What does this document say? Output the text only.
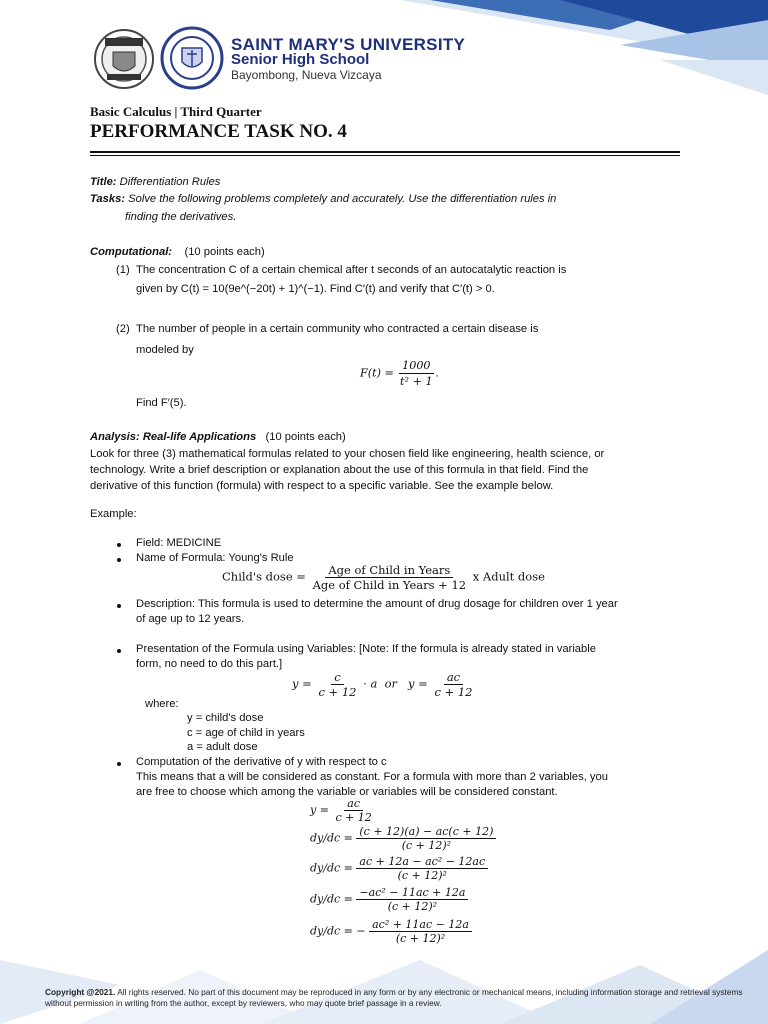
SAINT MARY'S UNIVERSITY
Senior High School
Bayombong, Nueva Vizcaya
Basic Calculus | Third Quarter
PERFORMANCE TASK NO. 4
Title: Differentiation Rules
Tasks: Solve the following problems completely and accurately. Use the differentiation rules in
finding the derivatives.
Computational: (10 points each)
(1) The concentration C of a certain chemical after t seconds of an autocatalytic reaction is
given by C(t) = 10(9e^(−20t) + 1)^(−1). Find C′(t) and verify that C′(t) > 0.
(2) The number of people in a certain community who contracted a certain disease is
modeled by
$F(t) = \frac{1000}{\text{t² + 1}}$ .
Find F′(5).
Analysis: Real-life Applications (10 points each)
Look for three (3) mathematical formulas related to your chosen field like engineering, health science, or
technology. Write a brief description or explanation about the use of this formula in that field. Find the
derivative of this function (formula) with respect to a specific variable. See the example below.
Example:
Field: MEDICINE
Name of Formula: Young's Rule
Child's dose = $\frac{\text{Age of Child in Years}}{\text{Age of Child in Years + 12}}$ x Adult dose
Description: This formula is used to determine the amount of drug dosage for children over 1 year
of age up to 12 years.
Presentation of the Formula using Variables: [Note: If the formula is already stated in variable
form, no need to do this part.]
$y = \frac{c}{c + 12} \cdot a$  or   $y = \frac{ac}{c + 12}$
where:
y = child's dose
c = age of child in years
a = adult dose
Computation of the derivative of y with respect to c
This means that a will be considered as constant. For a formula with more than 2 variables, you
are free to choose which among the variable or variables will be considered constant.
$y = \frac{ac}{c + 12}$
$dy/dc = \frac{(c + 12)(a) - ac(c + 12)}{\text{(c + 12)²}}$
$dy/dc = \frac{\text{ac + 12a − ac² − 12ac}}{\text{(c + 12)²}}$
$dy/dc = \frac{\text{−ac² − 11ac + 12a}}{\text{(c + 12)²}}$
dy/dc = − $\frac{\text{ac² + 11ac − 12a}}{\text{(c + 12)²}}$
Copyright @2021. All rights reserved. No part of this document may be reproduced in any form or by any electronic or mechanical means, including information storage and retrieval systems without permission in writing from the author, except by reviewers, who may quote brief passage in a review.
